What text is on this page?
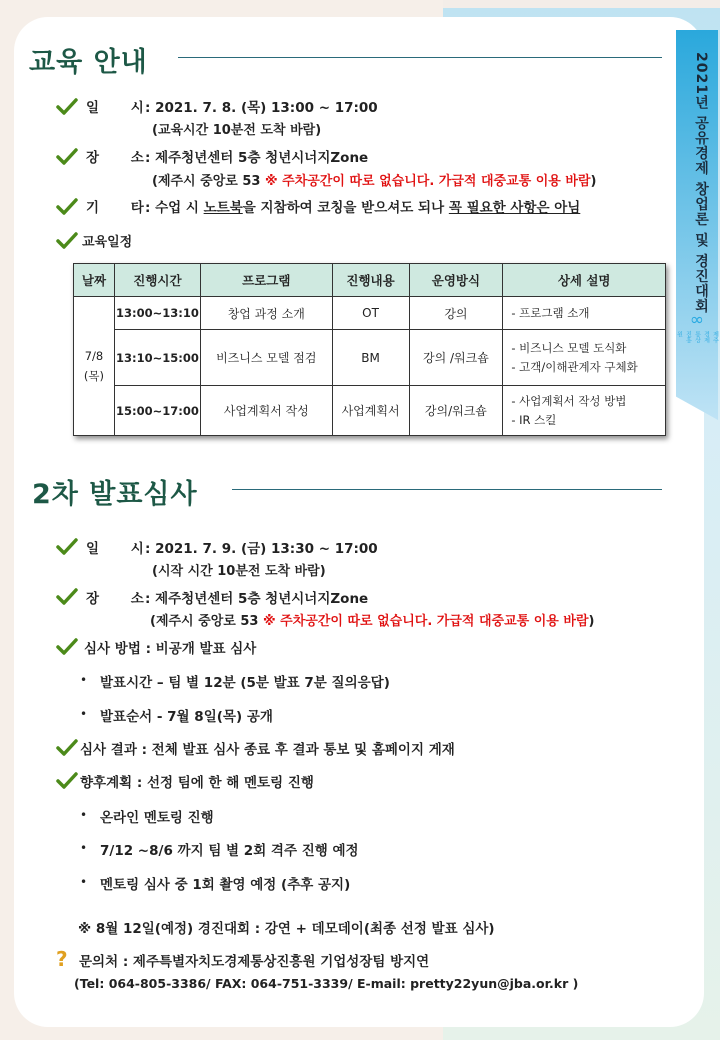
2021년 공유경제 창업론 및 경진대회
∞
제주경제통상진흥원
교육 안내
일　　 시 : 2021. 7. 8. (목) 13:00 ~ 17:00
(교육시간 10분전 도착 바람)
장　　 소 : 제주청년센터 5층 청년시너지Zone
(제주시 중앙로 53 ※ 주차공간이 따로 없습니다. 가급적 대중교통 이용 바람)
기　　 타 : 수업 시 노트북을 지참하여 코칭을 받으셔도 되나 꼭 필요한 사항은 아님
교육일정
날짜	진행시간	프로그램	진행내용	운영방식	상세 설명

7/8
(목)	13:00~13:10	창업 과정 소개	OT	강의	- 프로그램 소개

	13:10~15:00	비즈니스 모델 점검	BM	강의 /워크숍	- 비즈니스 모델 도식화
- 고객/이해관계자 구체화

	15:00~17:00	사업계획서 작성	사업계획서	강의/워크숍	- 사업계획서 작성 방법
- IR 스킬
2차 발표심사
일　　 시 : 2021. 7. 9. (금) 13:30 ~ 17:00
(시작 시간 10분전 도착 바람)
장　　 소 : 제주청년센터 5층 청년시너지Zone
(제주시 중앙로 53 ※ 주차공간이 따로 없습니다. 가급적 대중교통 이용 바람)
심사 방법 : 비공개 발표 심사
• 발표시간 – 팀 별 12분 (5분 발표 7분 질의응답)
• 발표순서 - 7월 8일(목) 공개
심사 결과 : 전체 발표 심사 종료 후 결과 통보 및 홈페이지 게재
향후계획 : 선정 팀에 한 해 멘토링 진행
• 온라인 멘토링 진행
• 7/12 ~8/6 까지 팀 별 2회 격주 진행 예정
• 멘토링 심사 중 1회 촬영 예정 (추후 공지)
※ 8월 12일(예정) 경진대회 : 강연 + 데모데이(최종 선정 발표 심사)
? 문의처 : 제주특별자치도경제통상진흥원 기업성장팀 방지연
(Tel: 064-805-3386/ FAX: 064-751-3339/ E-mail: pretty22yun@jba.or.kr )
